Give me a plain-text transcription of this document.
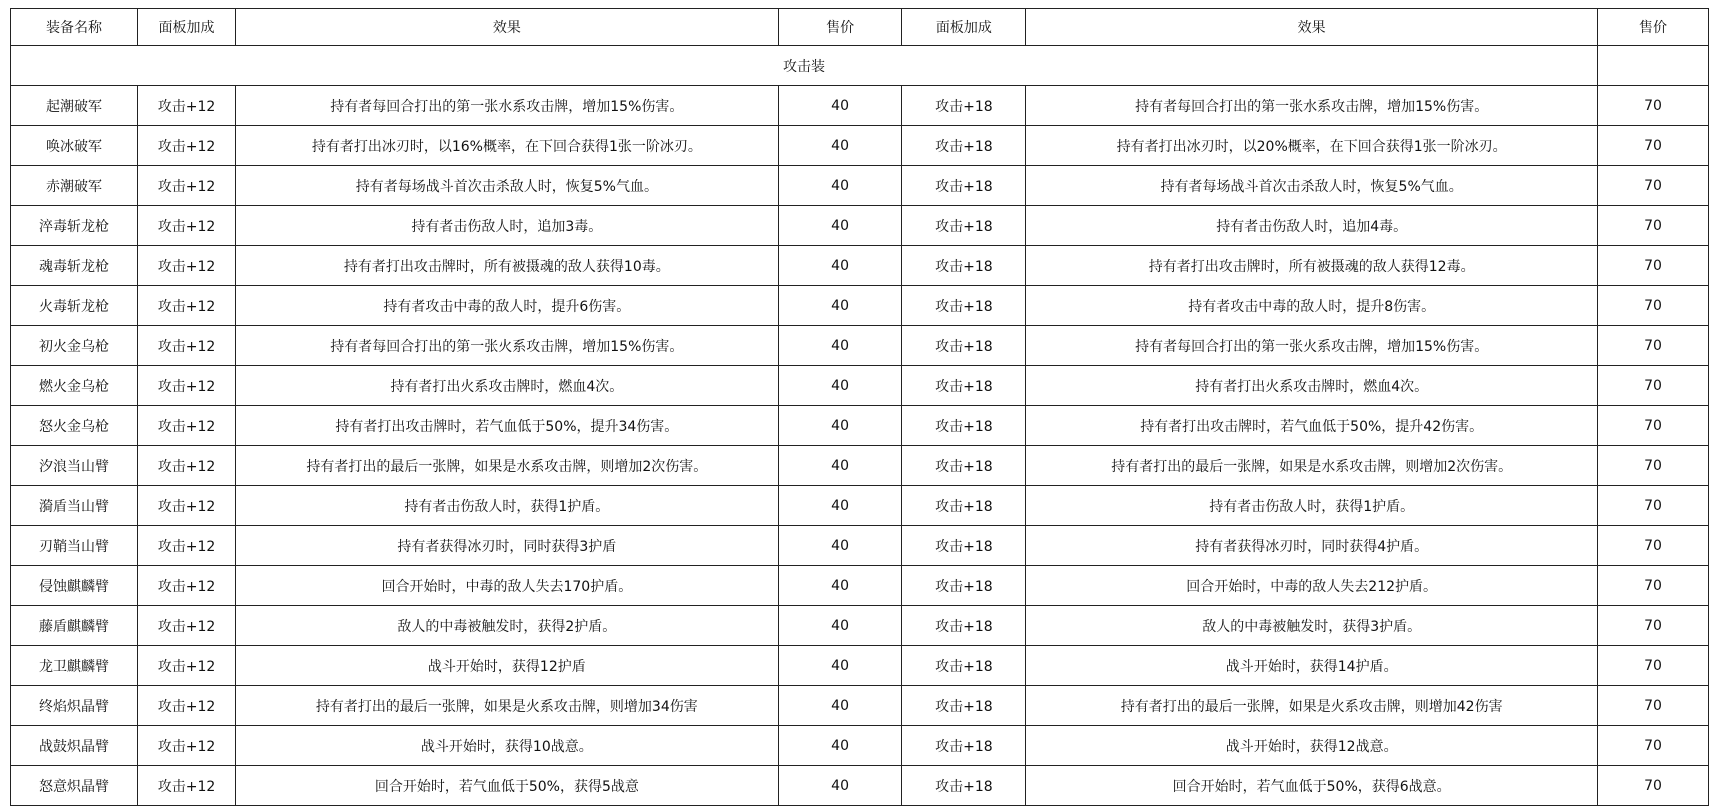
装备名称	面板加成	效果	售价	面板加成	效果	售价
攻击装						
起潮破军	攻击+12	持有者每回合打出的第一张水系攻击牌，增加15%伤害。	40	攻击+18	持有者每回合打出的第一张水系攻击牌，增加15%伤害。	70
唤冰破军	攻击+12	持有者打出冰刃时，以16%概率，在下回合获得1张一阶冰刃。	40	攻击+18	持有者打出冰刃时，以20%概率，在下回合获得1张一阶冰刃。	70
赤潮破军	攻击+12	持有者每场战斗首次击杀敌人时，恢复5%气血。	40	攻击+18	持有者每场战斗首次击杀敌人时，恢复5%气血。	70
淬毒斩龙枪	攻击+12	持有者击伤敌人时，追加3毒。	40	攻击+18	持有者击伤敌人时，追加4毒。	70
魂毒斩龙枪	攻击+12	持有者打出攻击牌时，所有被摄魂的敌人获得10毒。	40	攻击+18	持有者打出攻击牌时，所有被摄魂的敌人获得12毒。	70
火毒斩龙枪	攻击+12	持有者攻击中毒的敌人时，提升6伤害。	40	攻击+18	持有者攻击中毒的敌人时，提升8伤害。	70
初火金乌枪	攻击+12	持有者每回合打出的第一张火系攻击牌，增加15%伤害。	40	攻击+18	持有者每回合打出的第一张火系攻击牌，增加15%伤害。	70
燃火金乌枪	攻击+12	持有者打出火系攻击牌时，燃血4次。	40	攻击+18	持有者打出火系攻击牌时，燃血4次。	70
怒火金乌枪	攻击+12	持有者打出攻击牌时，若气血低于50%，提升34伤害。	40	攻击+18	持有者打出攻击牌时，若气血低于50%，提升42伤害。	70
汐浪当山臂	攻击+12	持有者打出的最后一张牌，如果是水系攻击牌，则增加2次伤害。	40	攻击+18	持有者打出的最后一张牌，如果是水系攻击牌，则增加2次伤害。	70
漪盾当山臂	攻击+12	持有者击伤敌人时，获得1护盾。	40	攻击+18	持有者击伤敌人时，获得1护盾。	70
刃鞘当山臂	攻击+12	持有者获得冰刃时，同时获得3护盾	40	攻击+18	持有者获得冰刃时，同时获得4护盾。	70
侵蚀麒麟臂	攻击+12	回合开始时，中毒的敌人失去170护盾。	40	攻击+18	回合开始时，中毒的敌人失去212护盾。	70
藤盾麒麟臂	攻击+12	敌人的中毒被触发时，获得2护盾。	40	攻击+18	敌人的中毒被触发时，获得3护盾。	70
龙卫麒麟臂	攻击+12	战斗开始时，获得12护盾	40	攻击+18	战斗开始时，获得14护盾。	70
终焰炽晶臂	攻击+12	持有者打出的最后一张牌，如果是火系攻击牌，则增加34伤害	40	攻击+18	持有者打出的最后一张牌，如果是火系攻击牌，则增加42伤害	70
战鼓炽晶臂	攻击+12	战斗开始时，获得10战意。	40	攻击+18	战斗开始时，获得12战意。	70
怒意炽晶臂	攻击+12	回合开始时，若气血低于50%，获得5战意	40	攻击+18	回合开始时，若气血低于50%，获得6战意。	70
